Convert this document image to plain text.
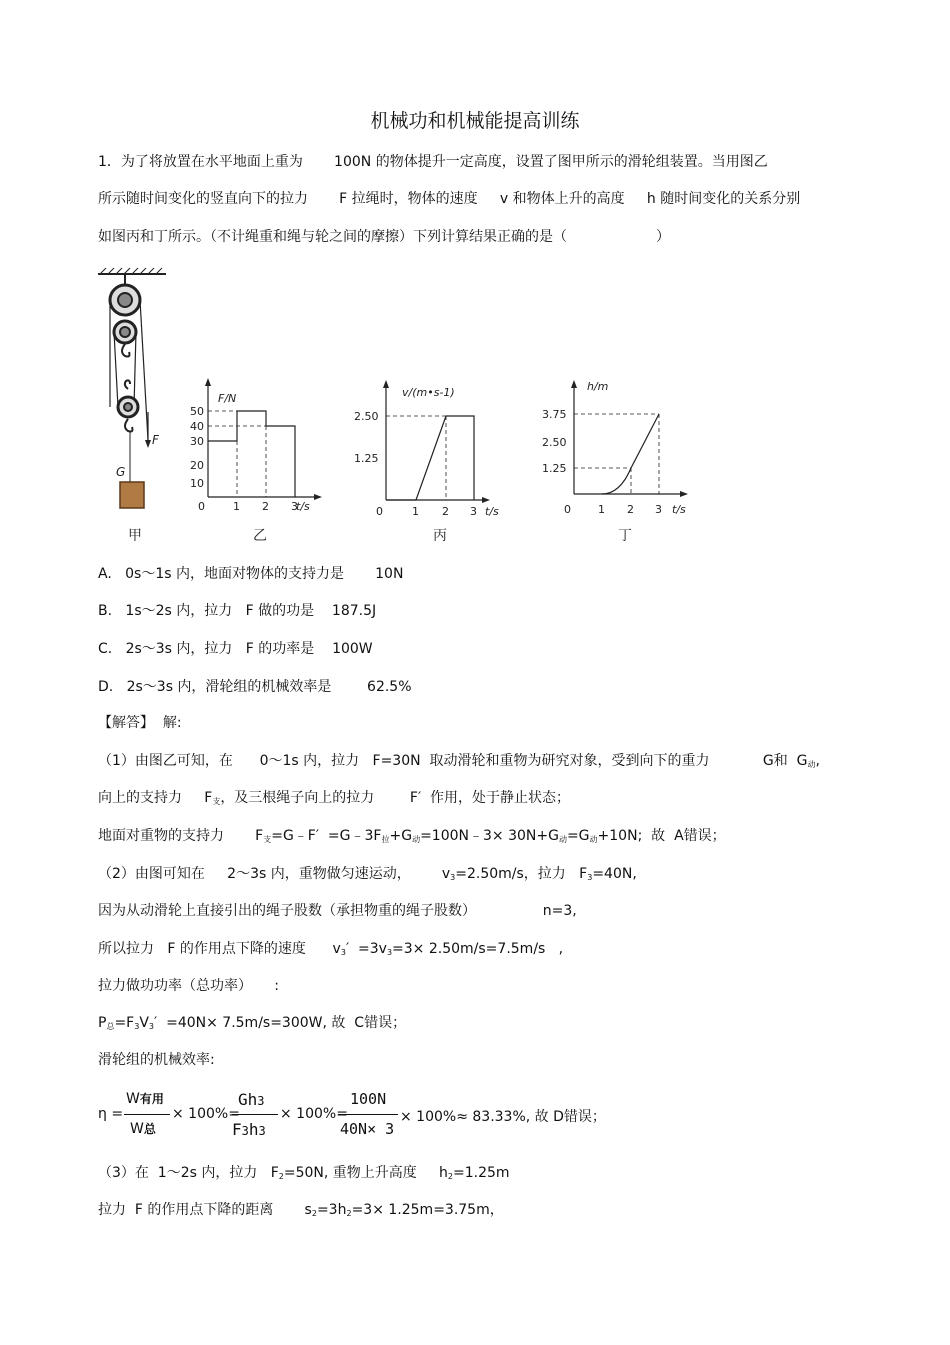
机械功和机械能提高训练
1．为了将放置在水平地面上重为       100N 的物体提升一定高度，设置了图甲所示的滑轮组装置。当用图乙
所示随时间变化的竖直向下的拉力       F 拉绳时，物体的速度     v 和物体上升的高度     h 随时间变化的关系分别
如图丙和丁所示。（不计绳重和绳与轮之间的摩擦）下列计算结果正确的是（                    ）
F
G
甲
F/N
t/s
50
40
30
20
10
0	1 2 3
乙
v/(m•s-1)
t/s
2.50
1.25
0	1 2 3
丙
h/m
t/s
3.75
2.50
1.25
0 1 2 3
丁
A.   0s～1s 内，地面对物体的支持力是       10N
B.   1s～2s 内，拉力   F 做的功是    187.5J
C.   2s～3s 内，拉力   F 的功率是    100W
D.   2s～3s 内，滑轮组的机械效率是        62.5%
【解答】  解:
（1）由图乙可知，在      0～1s 内，拉力   F=30N  取动滑轮和重物为研究对象，受到向下的重力            G和  $G_动$,
向上的支持力     $F_支$，及三根绳子向上的拉力        F′  作用，处于静止状态；
地面对重物的支持力       $F_支=G﹣F'$  $=G﹣3F_拉+G_动=100N﹣3\times 30N+G_动=G_动+10N$;  故  A错误；
（2）由图可知在     2～3s 内，重物做匀速运动，       $v_3=2.50m/s$，拉力   $F_3=40N$,
因为从动滑轮上直接引出的绳子股数（承担物重的绳子股数）               n=3,
所以拉力   F 的作用点下降的速度      $v_3' =3v_3=3\times 2.50m/s=7.5m/s$   ,
拉力做功功率（总功率）     :
$P_总=F_3V_3' =40N\times 7.5m/s=300W$, 故  C错误；
滑轮组的机械效率:
η =
W有用
W总
× 100%=
Gh3
F3h3
× 100%=
100N
40N× 3
× 100%≈ 83.33%, 故 D错误；
（3）在  1～2s 内，拉力   $F_2=50N$, 重物上升高度     $h_2=1.25m$
拉力  F 的作用点下降的距离       $s_2=3h_2=3\times 1.25m=3.75m$，
